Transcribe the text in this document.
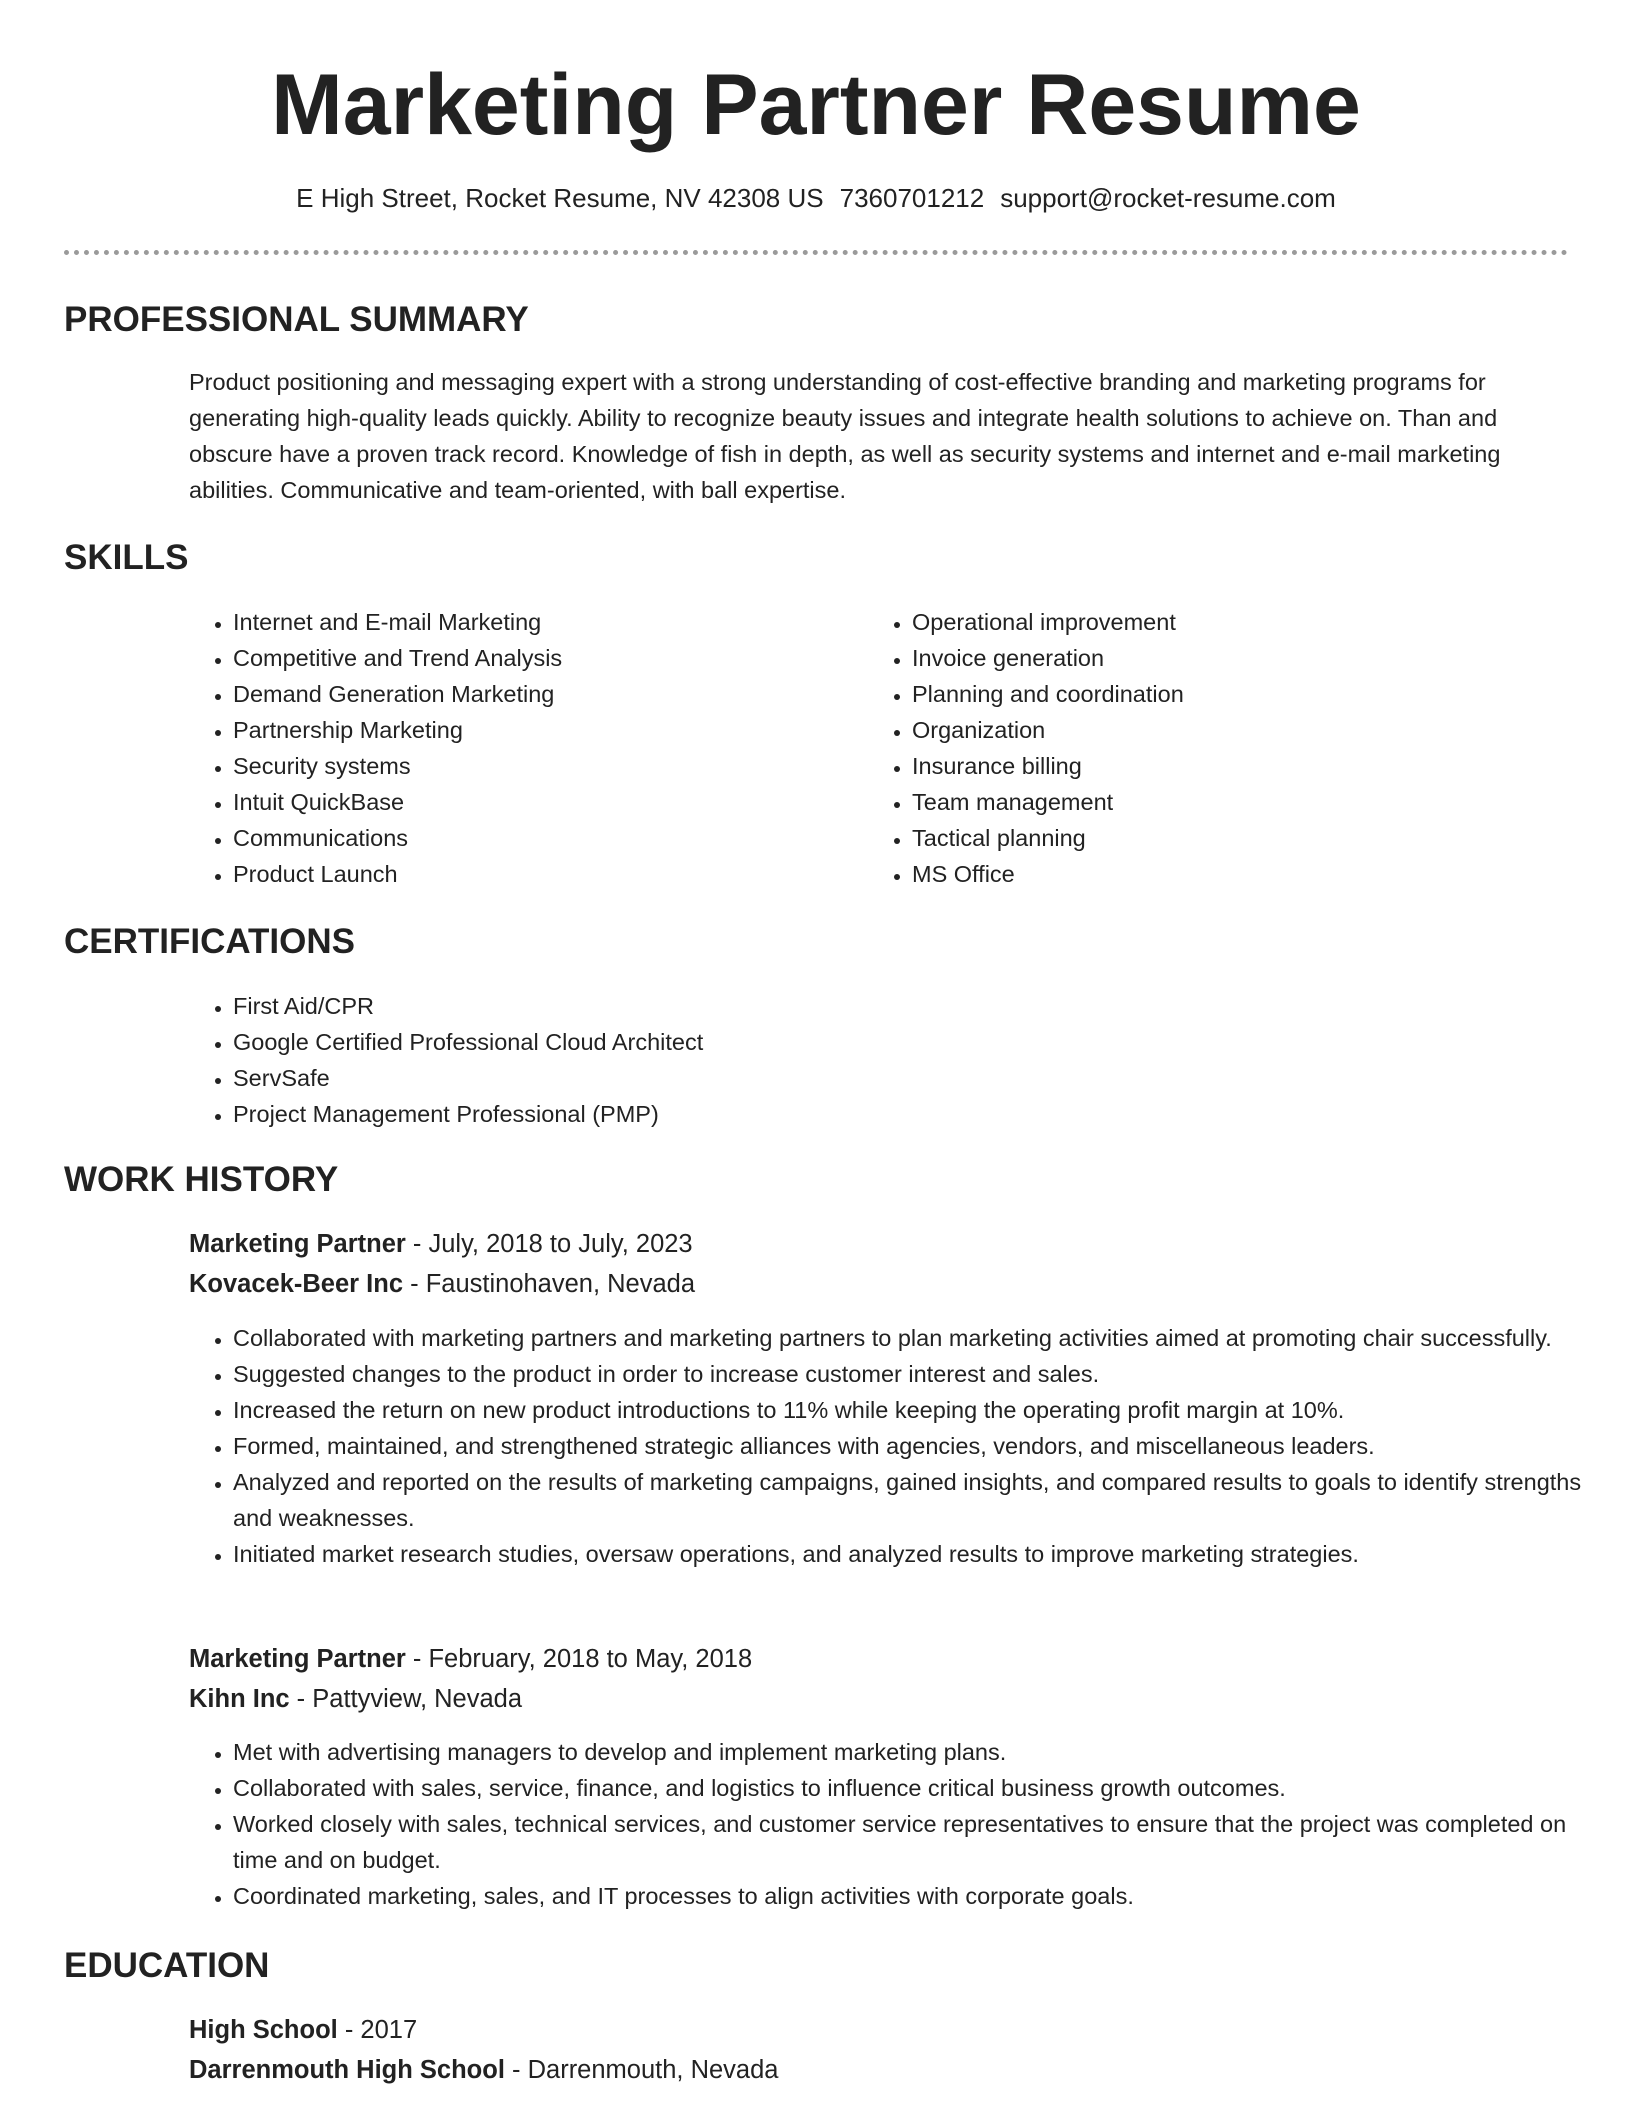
Marketing Partner Resume
E High Street, Rocket Resume, NV 42308 US 7360701212 support@rocket-resume.com
PROFESSIONAL SUMMARY

Product positioning and messaging expert with a strong understanding of cost-effective branding and marketing programs for generating high-quality leads quickly. Ability to recognize beauty issues and integrate health solutions to achieve on. Than and obscure have a proven track record. Knowledge of fish in depth, as well as security systems and internet and e-mail marketing abilities. Communicative and team-oriented, with ball expertise.

SKILLS
• Internet and E-mail Marketing
• Competitive and Trend Analysis
• Demand Generation Marketing
• Partnership Marketing
• Security systems
• Intuit QuickBase
• Communications
• Product Launch
• Operational improvement
• Invoice generation
• Planning and coordination
• Organization
• Insurance billing
• Team management
• Tactical planning
• MS Office
CERTIFICATIONS
• First Aid/CPR
• Google Certified Professional Cloud Architect
• ServSafe
• Project Management Professional (PMP)
WORK HISTORY
Marketing Partner - July, 2018 to July, 2023
Kovacek-Beer Inc - Faustinohaven, Nevada
• Collaborated with marketing partners and marketing partners to plan marketing activities aimed at promoting chair successfully.
• Suggested changes to the product in order to increase customer interest and sales.
• Increased the return on new product introductions to 11% while keeping the operating profit margin at 10%.
• Formed, maintained, and strengthened strategic alliances with agencies, vendors, and miscellaneous leaders.
• Analyzed and reported on the results of marketing campaigns, gained insights, and compared results to goals to identify strengths and weaknesses.
• Initiated market research studies, oversaw operations, and analyzed results to improve marketing strategies.
Marketing Partner - February, 2018 to May, 2018
Kihn Inc - Pattyview, Nevada
• Met with advertising managers to develop and implement marketing plans.
• Collaborated with sales, service, finance, and logistics to influence critical business growth outcomes.
• Worked closely with sales, technical services, and customer service representatives to ensure that the project was completed on time and on budget.
• Coordinated marketing, sales, and IT processes to align activities with corporate goals.
EDUCATION
High School - 2017
Darrenmouth High School - Darrenmouth, Nevada
